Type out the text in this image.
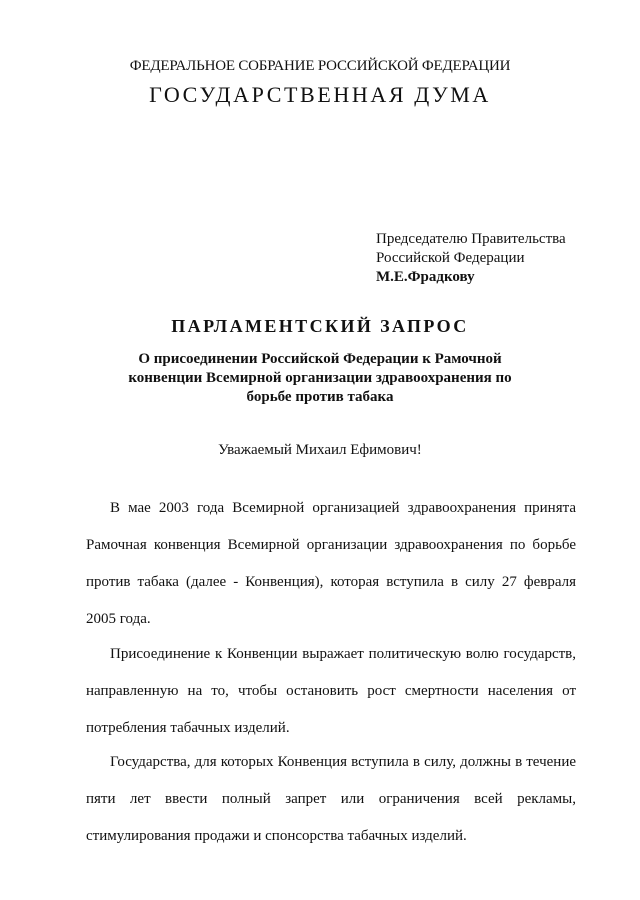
ФЕДЕРАЛЬНОЕ СОБРАНИЕ РОССИЙСКОЙ ФЕДЕРАЦИИ
ГОСУДАРСТВЕННАЯ ДУМА
Председателю Правительства
Российской Федерации
М.Е.Фрадкову
ПАРЛАМЕНТСКИЙ ЗАПРОС
О присоединении Российской Федерации к Рамочной конвенции Всемирной организации здравоохранения по борьбе против табака
Уважаемый Михаил Ефимович!
В мае 2003 года Всемирной организацией здравоохранения принята Рамочная конвенция Всемирной организации здравоохранения по борьбе против табака (далее - Конвенция), которая вступила в силу 27 февраля 2005 года.
Присоединение к Конвенции выражает политическую волю государств, направленную на то, чтобы остановить рост смертности населения от потребления табачных изделий.
Государства, для которых Конвенция вступила в силу, должны в течение пяти лет ввести полный запрет или ограничения всей рекламы, стимулирования продажи и спонсорства табачных изделий.
